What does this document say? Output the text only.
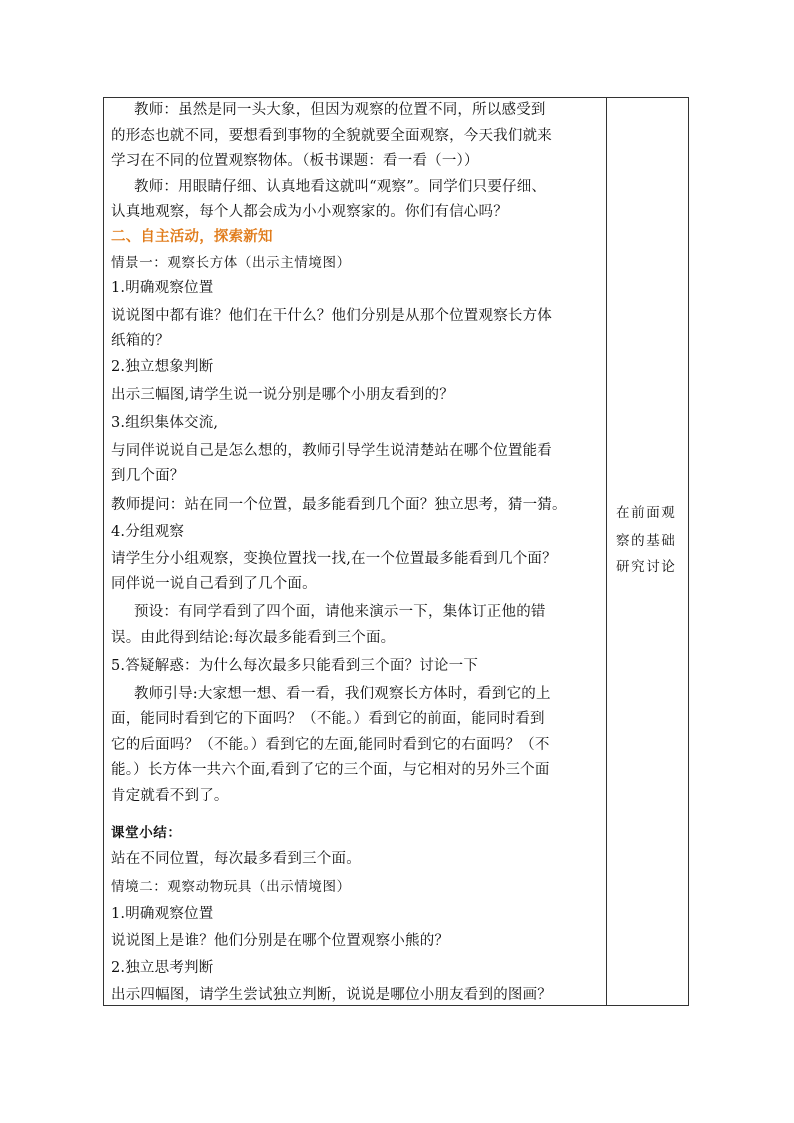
教师：虽然是同一头大象，但因为观察的位置不同，所以感受到
的形态也就不同，要想看到事物的全貌就要全面观察，今天我们就来
学习在不同的位置观察物体。（板书课题：看一看（一））
教师：用眼睛仔细、认真地看这就叫“观察”。同学们只要仔细、
认真地观察，每个人都会成为小小观察家的。你们有信心吗？
二、自主活动，探索新知
情景一：观察长方体（出示主情境图）
1.明确观察位置
说说图中都有谁？他们在干什么？他们分别是从那个位置观察长方体
纸箱的？
2.独立想象判断
出示三幅图,请学生说一说分别是哪个小朋友看到的？
3.组织集体交流,
与同伴说说自己是怎么想的，教师引导学生说清楚站在哪个位置能看
到几个面？
教师提问：站在同一个位置，最多能看到几个面？独立思考，猜一猜。
4.分组观察
请学生分小组观察，变换位置找一找,在一个位置最多能看到几个面？
同伴说一说自己看到了几个面。
预设：有同学看到了四个面，请他来演示一下，集体订正他的错
误。由此得到结论:每次最多能看到三个面。
5.答疑解惑：为什么每次最多只能看到三个面？讨论一下
教师引导:大家想一想、看一看，我们观察长方体时，看到它的上
面，能同时看到它的下面吗？（不能。）看到它的前面，能同时看到
它的后面吗？（不能。）看到它的左面,能同时看到它的右面吗？（不
能。）长方体一共六个面,看到了它的三个面，与它相对的另外三个面
肯定就看不到了。
课堂小结：
站在不同位置，每次最多看到三个面。
情境二：观察动物玩具（出示情境图）
1.明确观察位置
说说图上是谁？他们分别是在哪个位置观察小熊的？
2.独立思考判断
出示四幅图，请学生尝试独立判断，说说是哪位小朋友看到的图画？
在前面观
察的基础
研究讨论
